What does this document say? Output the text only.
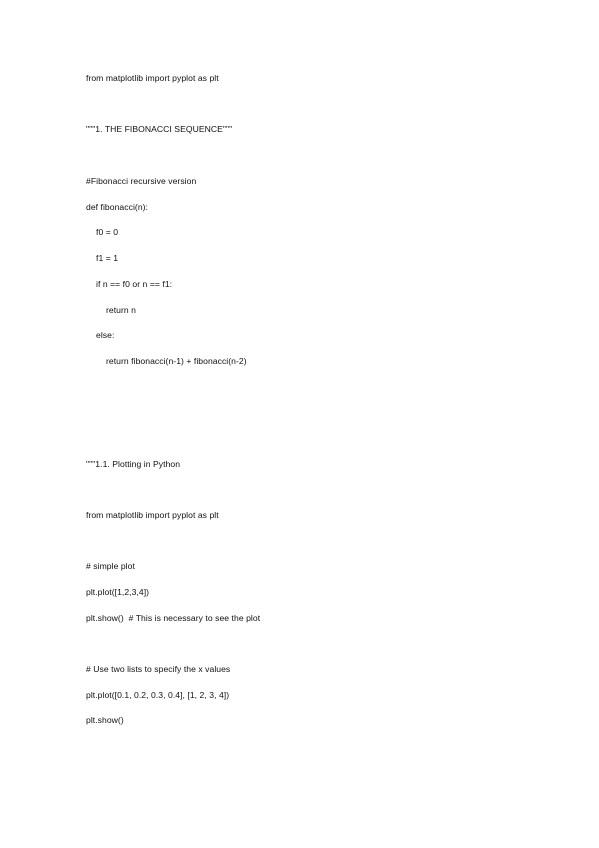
from matplotlib import pyplot as plt
"""1. THE FIBONACCI SEQUENCE"""
#Fibonacci recursive version
def fibonacci(n):
f0 = 0
f1 = 1
if n == f0 or n == f1:
return n
else:
return fibonacci(n-1) + fibonacci(n-2)
"""1.1. Plotting in Python
from matplotlib import pyplot as plt
# simple plot
plt.plot([1,2,3,4])
plt.show()  # This is necessary to see the plot
# Use two lists to specify the x values
plt.plot([0.1, 0.2, 0.3, 0.4], [1, 2, 3, 4])
plt.show()
